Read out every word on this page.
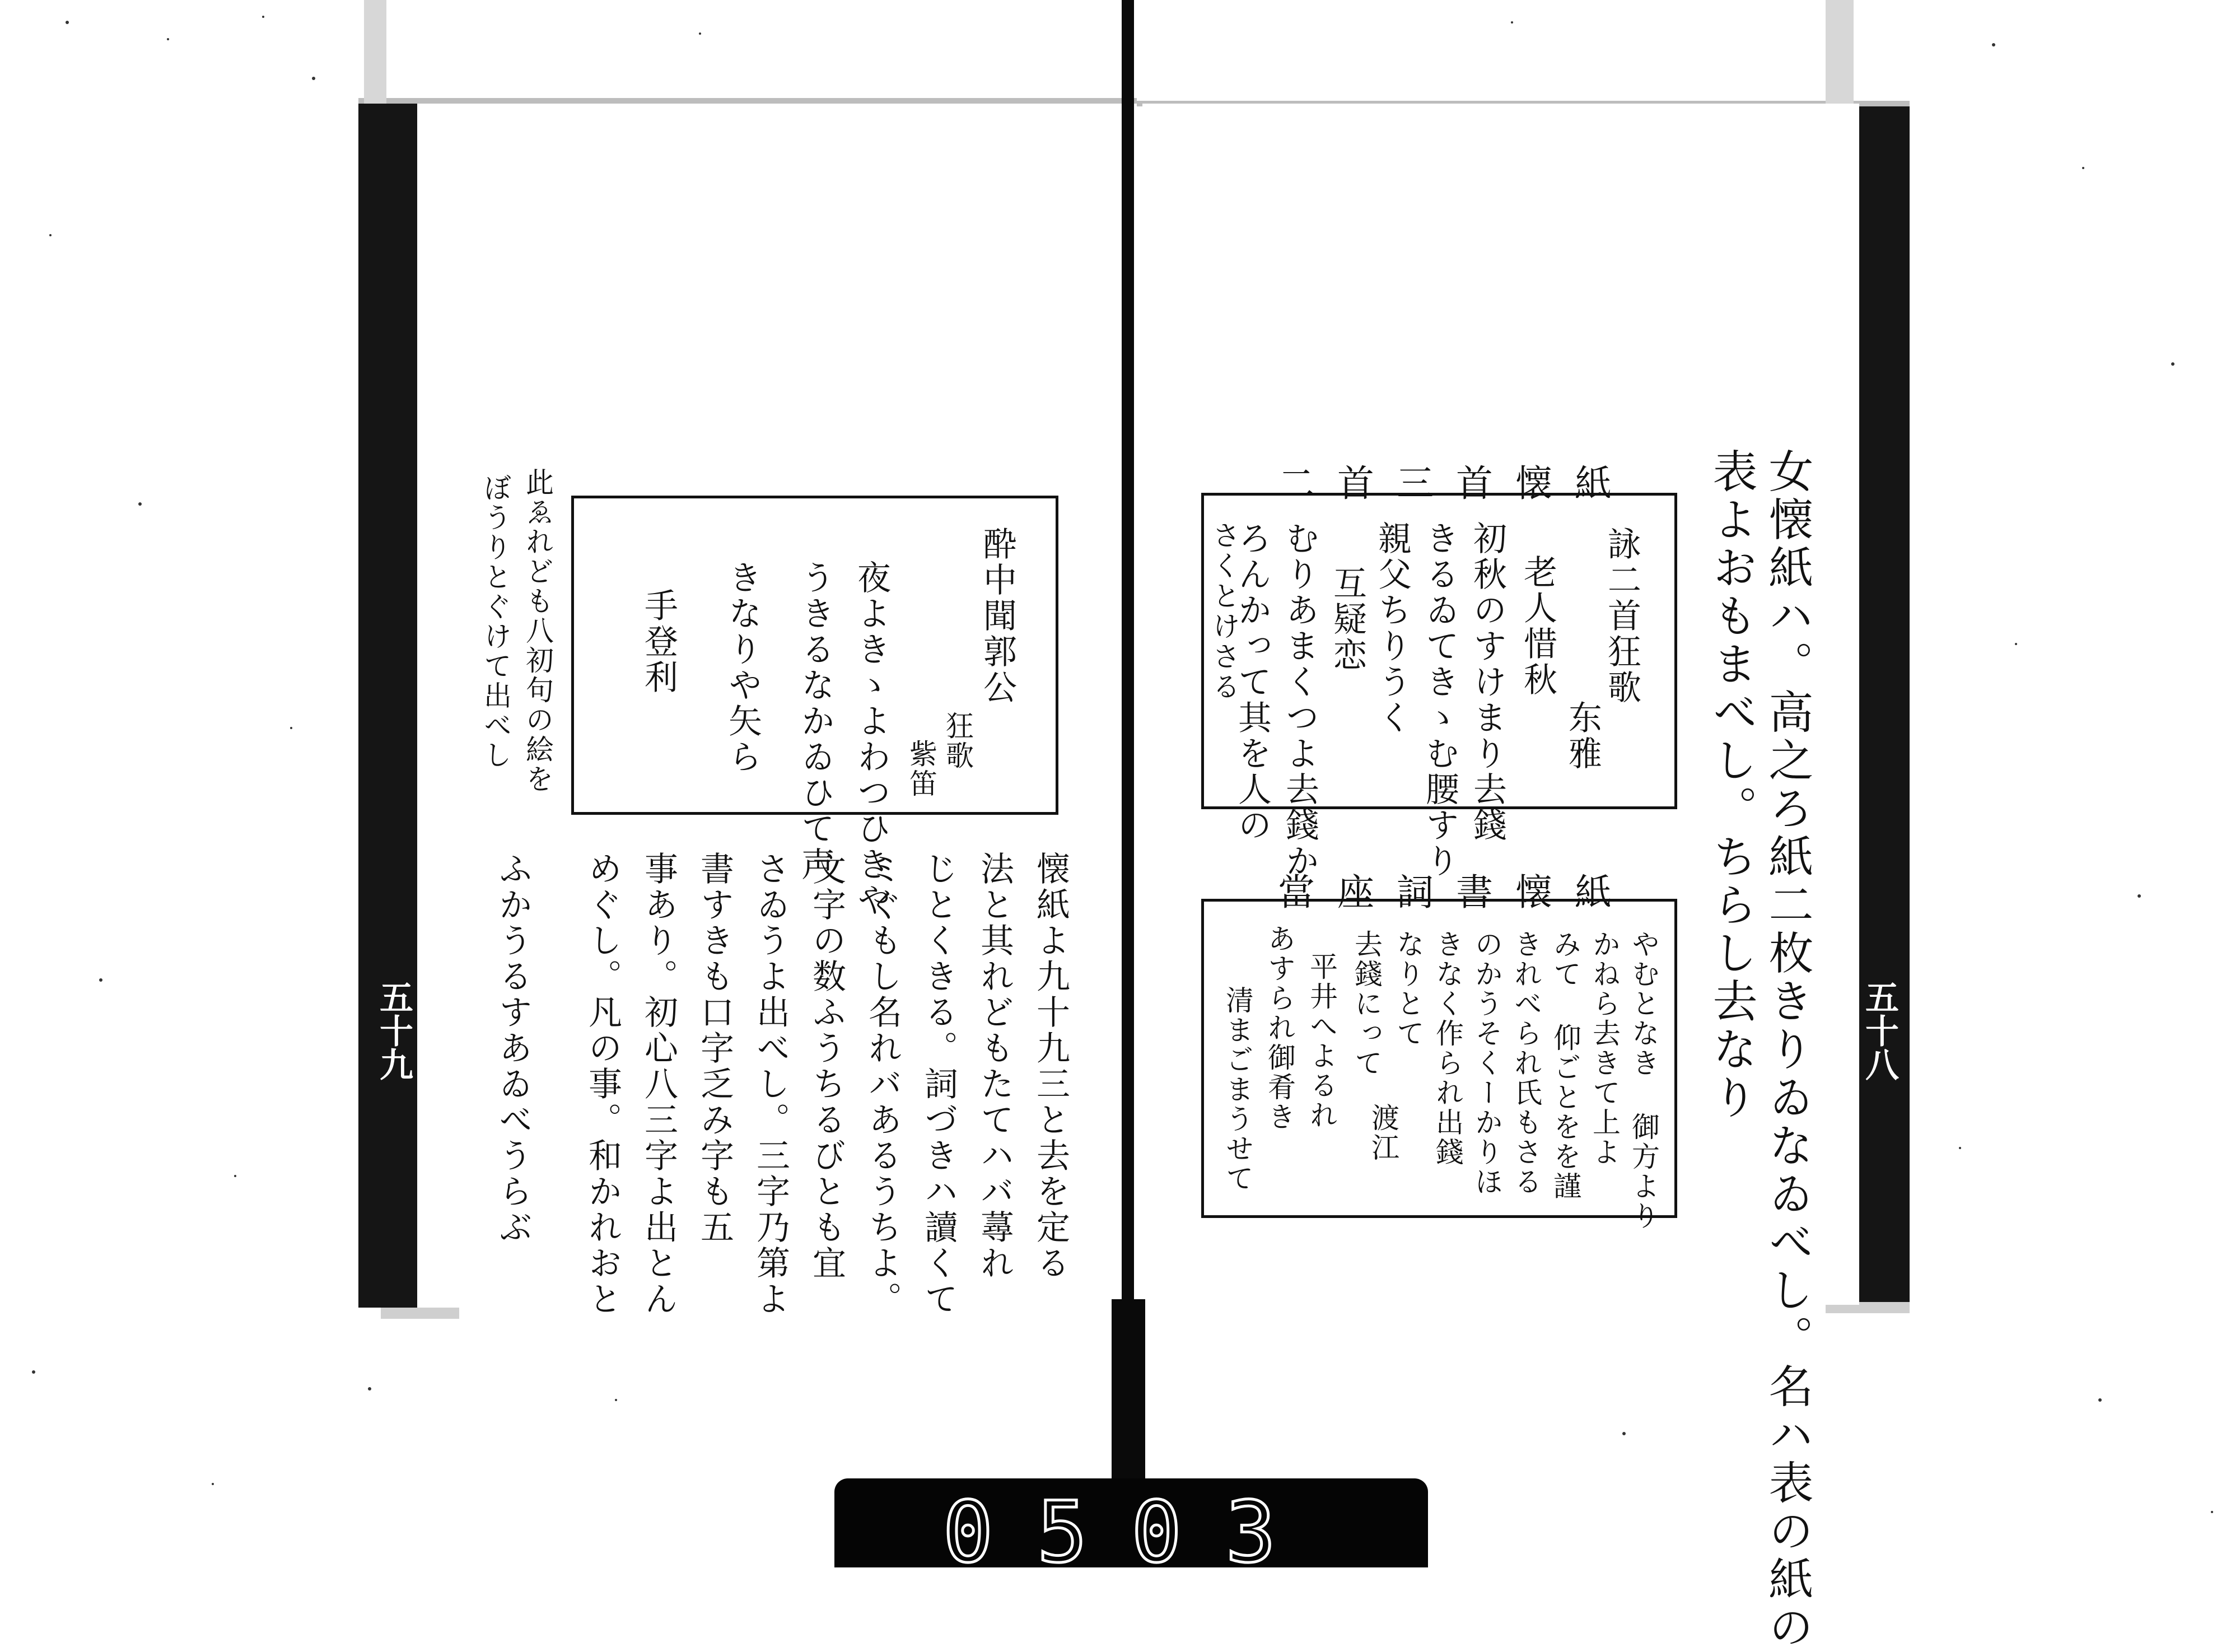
女懐紙ハ。高之ろ紙二枚きりゐなゐべし。名ハ表の紙の
表よおもまべし。ちらし去なり	五十八
二首三首懐紙
詠二首狂歌
东雅
老人惜秋
初秋のすけまり去錢
きるゐてきゝむ腰すり
親父ちりうく
互疑恋
むりあまくつよ去錢か
ろんかって其を人の
さくとけさる
當座詞書懐紙
やむとなき 御方より
かねら去きて上よ
みて 仰ごとをを謹
きれべられ氏もさる
のかうそくーかりほ
きなく作られ出錢
なりとて
去錢にって
平井へよるれ
あすられ御肴き
清まごまうせて	渡江
五十九
酔中聞郭公
狂歌
紫笛
夜よきゝよわつひきや
うきるなかゐひて声
きなりや矢ら
手登利
此ゑれども八初句の絵を
ぼうりとぐけて出べし
懐紙よ九十九三と去を定る
法と其れどもたてハバ蕁れ
じとくきる。詞づきハ讀くて
ミぐもし名れバあるうちよ。
文字の数ふうちるびとも宜
さゐうよ出べし。三字乃第よ
書すきも口字乏み字も五
事あり。初心八三字よ出とん
めぐし。凡の事。和かれおと
ふかうるすあゐべうらぶ
0503
